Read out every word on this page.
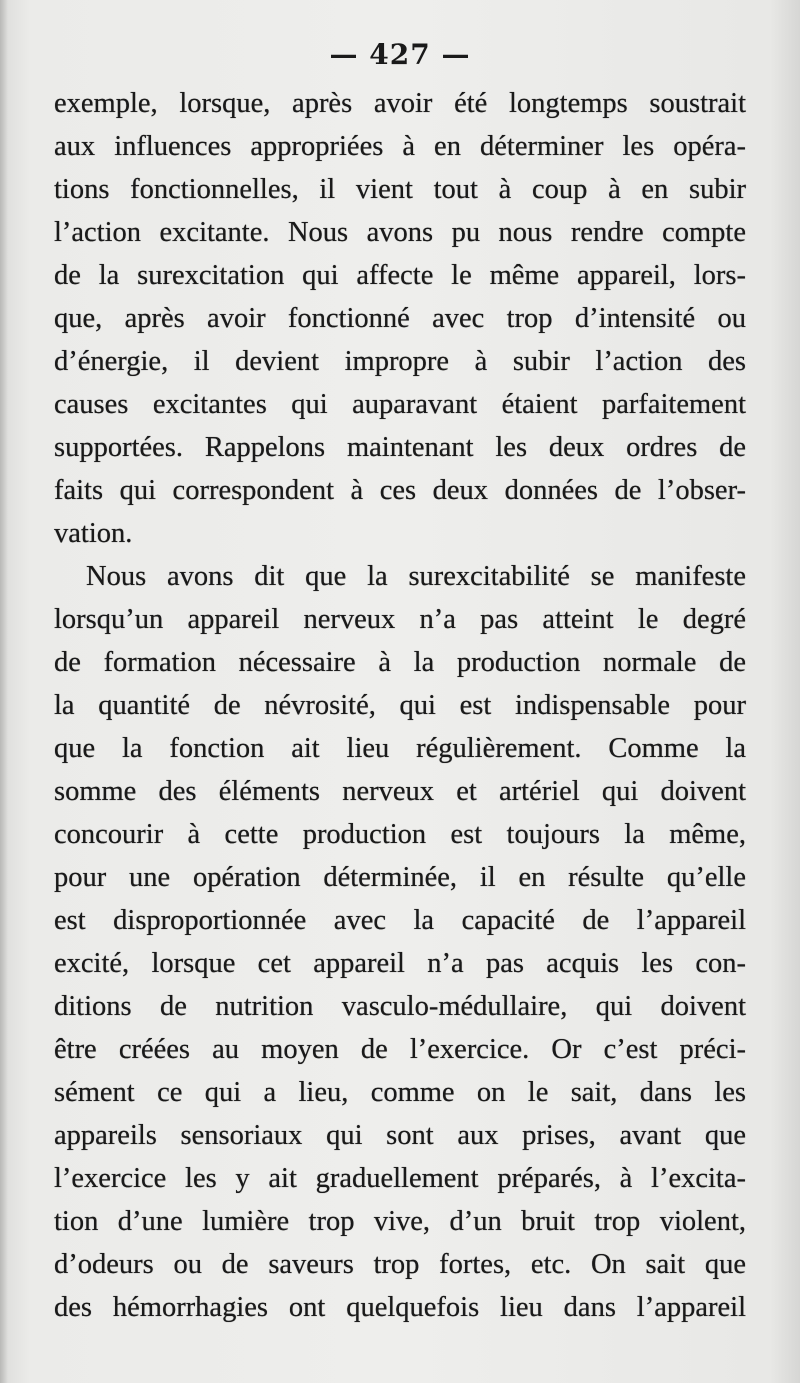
— 427 —
exemple, lorsque, après avoir été longtemps soustrait
aux influences appropriées à en déterminer les opéra-
tions fonctionnelles, il vient tout à coup à en subir
l’action excitante. Nous avons pu nous rendre compte
de la surexcitation qui affecte le même appareil, lors-
que, après avoir fonctionné avec trop d’intensité ou
d’énergie, il devient impropre à subir l’action des
causes excitantes qui auparavant étaient parfaitement
supportées. Rappelons maintenant les deux ordres de
faits qui correspondent à ces deux données de l’obser-
vation.
Nous avons dit que la surexcitabilité se manifeste
lorsqu’un appareil nerveux n’a pas atteint le degré
de formation nécessaire à la production normale de
la quantité de névrosité, qui est indispensable pour
que la fonction ait lieu régulièrement. Comme la
somme des éléments nerveux et artériel qui doivent
concourir à cette production est toujours la même,
pour une opération déterminée, il en résulte qu’elle
est disproportionnée avec la capacité de l’appareil
excité, lorsque cet appareil n’a pas acquis les con-
ditions de nutrition vasculo-médullaire, qui doivent
être créées au moyen de l’exercice. Or c’est préci-
sément ce qui a lieu, comme on le sait, dans les
appareils sensoriaux qui sont aux prises, avant que
l’exercice les y ait graduellement préparés, à l’excita-
tion d’une lumière trop vive, d’un bruit trop violent,
d’odeurs ou de saveurs trop fortes, etc. On sait que
des hémorrhagies ont quelquefois lieu dans l’appareil
